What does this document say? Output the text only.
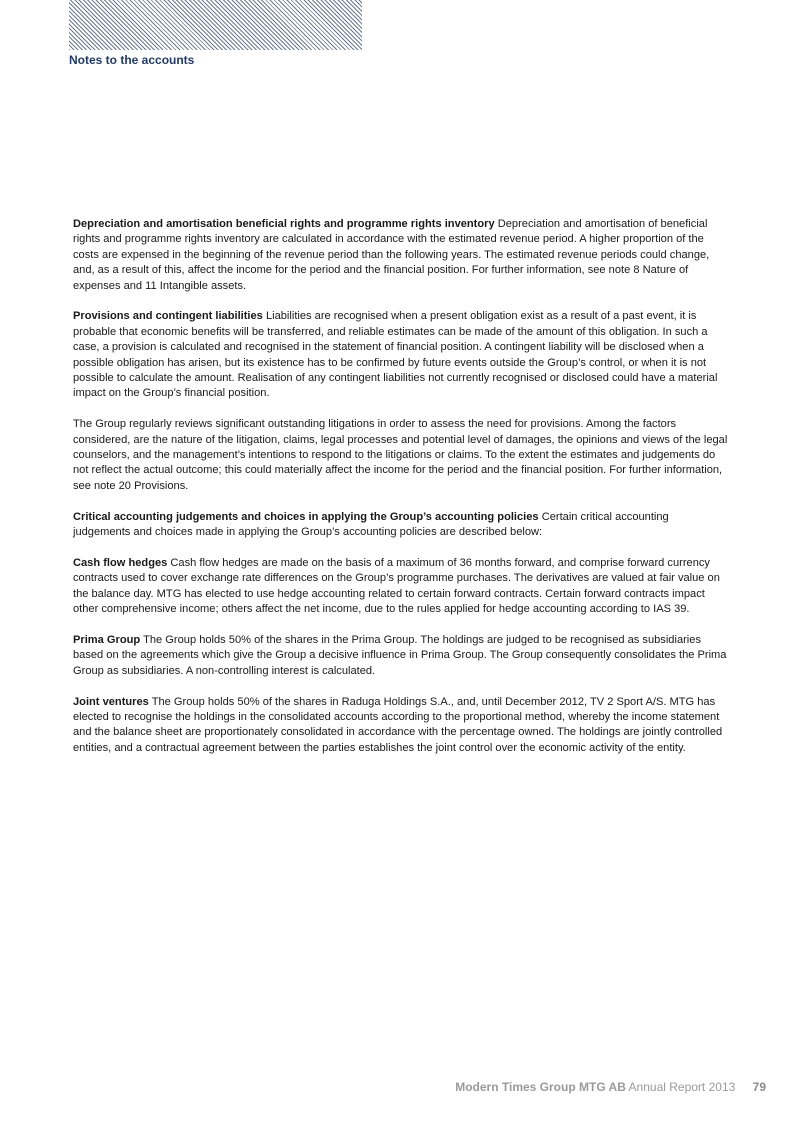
Notes to the accounts

Depreciation and amortisation beneficial rights and programme rights inventory Depreciation and amortisation of beneficial rights and programme rights inventory are calculated in accordance with the estimated revenue period. A higher proportion of the costs are expensed in the beginning of the revenue period than the following years. The estimated revenue periods could change, and, as a result of this, affect the income for the period and the financial position. For further information, see note 8 Nature of expenses and 11 Intangible assets.

Provisions and contingent liabilities Liabilities are recognised when a present obligation exist as a result of a past event, it is probable that economic benefits will be transferred, and reliable estimates can be made of the amount of this obligation. In such a case, a provision is calculated and recognised in the statement of financial position. A contingent liability will be disclosed when a possible obligation has arisen, but its existence has to be confirmed by future events outside the Group’s control, or when it is not possible to calculate the amount. Realisation of any contingent liabilities not currently recognised or disclosed could have a material impact on the Group’s financial position.

The Group regularly reviews significant outstanding litigations in order to assess the need for provisions. Among the factors considered, are the nature of the litigation, claims, legal processes and potential level of damages, the opinions and views of the legal counselors, and the management’s intentions to respond to the litigations or claims. To the extent the estimates and judgements do not reflect the actual outcome; this could materially affect the income for the period and the financial position. For further information, see note 20 Provisions.

Critical accounting judgements and choices in applying the Group’s accounting policies Certain critical accounting judgements and choices made in applying the Group’s accounting policies are described below:

Cash flow hedges Cash flow hedges are made on the basis of a maximum of 36 months forward, and comprise forward currency contracts used to cover exchange rate differences on the Group’s programme purchases. The derivatives are valued at fair value on the balance day. MTG has elected to use hedge accounting related to certain forward contracts. Certain forward contracts impact other comprehensive income; others affect the net income, due to the rules applied for hedge accounting according to IAS 39.

Prima Group The Group holds 50% of the shares in the Prima Group. The holdings are judged to be recognised as subsidiaries based on the agreements which give the Group a decisive influence in Prima Group. The Group consequently consolidates the Prima Group as subsidiaries. A non-controlling interest is calculated.

Joint ventures The Group holds 50% of the shares in Raduga Holdings S.A., and, until December 2012, TV 2 Sport A/S. MTG has elected to recognise the holdings in the consolidated accounts according to the proportional method, whereby the income statement and the balance sheet are proportionately consolidated in accordance with the percentage owned. The holdings are jointly controlled entities, and a contractual agreement between the parties establishes the joint control over the economic activity of the entity.

Modern Times Group MTG AB Annual Report 2013 79
